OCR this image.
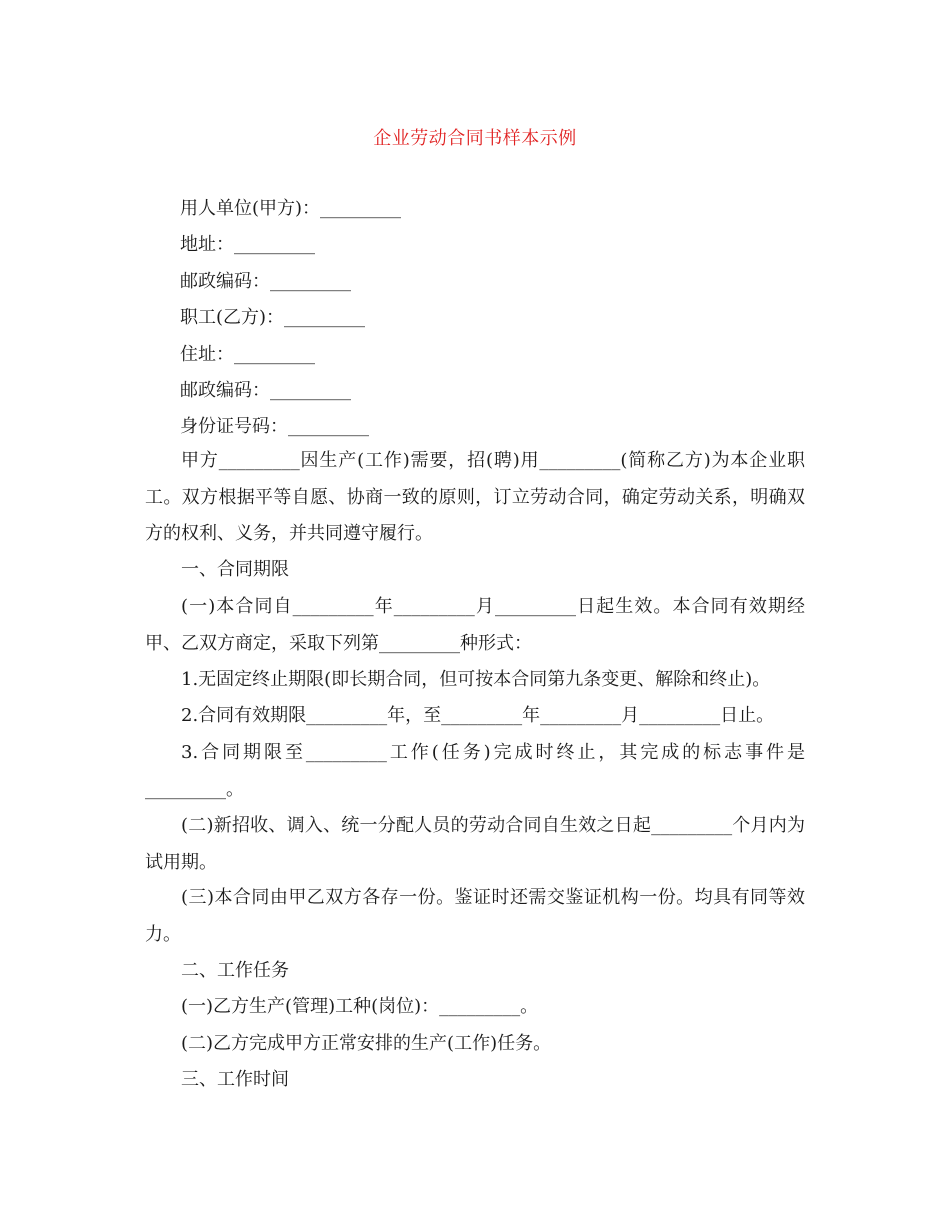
企业劳动合同书样本示例
用人单位(甲方)：_________
地址：_________
邮政编码：_________
职工(乙方)：_________
住址：_________
邮政编码：_________
身份证号码：_________
甲方_________因生产(工作)需要，招(聘)用_________(简称乙方)为本企业职工。双方根据平等自愿、协商一致的原则，订立劳动合同，确定劳动关系，明确双方的权利、义务，并共同遵守履行。
一、合同期限
(一)本合同自_________年_________月_________日起生效。本合同有效期经甲、乙双方商定，采取下列第_________种形式：
1.无固定终止期限(即长期合同，但可按本合同第九条变更、解除和终止)。
2.合同有效期限_________年，至_________年_________月_________日止。
3.合同期限至_________工作(任务)完成时终止，其完成的标志事件是_________。
(二)新招收、调入、统一分配人员的劳动合同自生效之日起_________个月内为试用期。
(三)本合同由甲乙双方各存一份。鉴证时还需交鉴证机构一份。均具有同等效力。
二、工作任务
(一)乙方生产(管理)工种(岗位)：_________。
(二)乙方完成甲方正常安排的生产(工作)任务。
三、工作时间
